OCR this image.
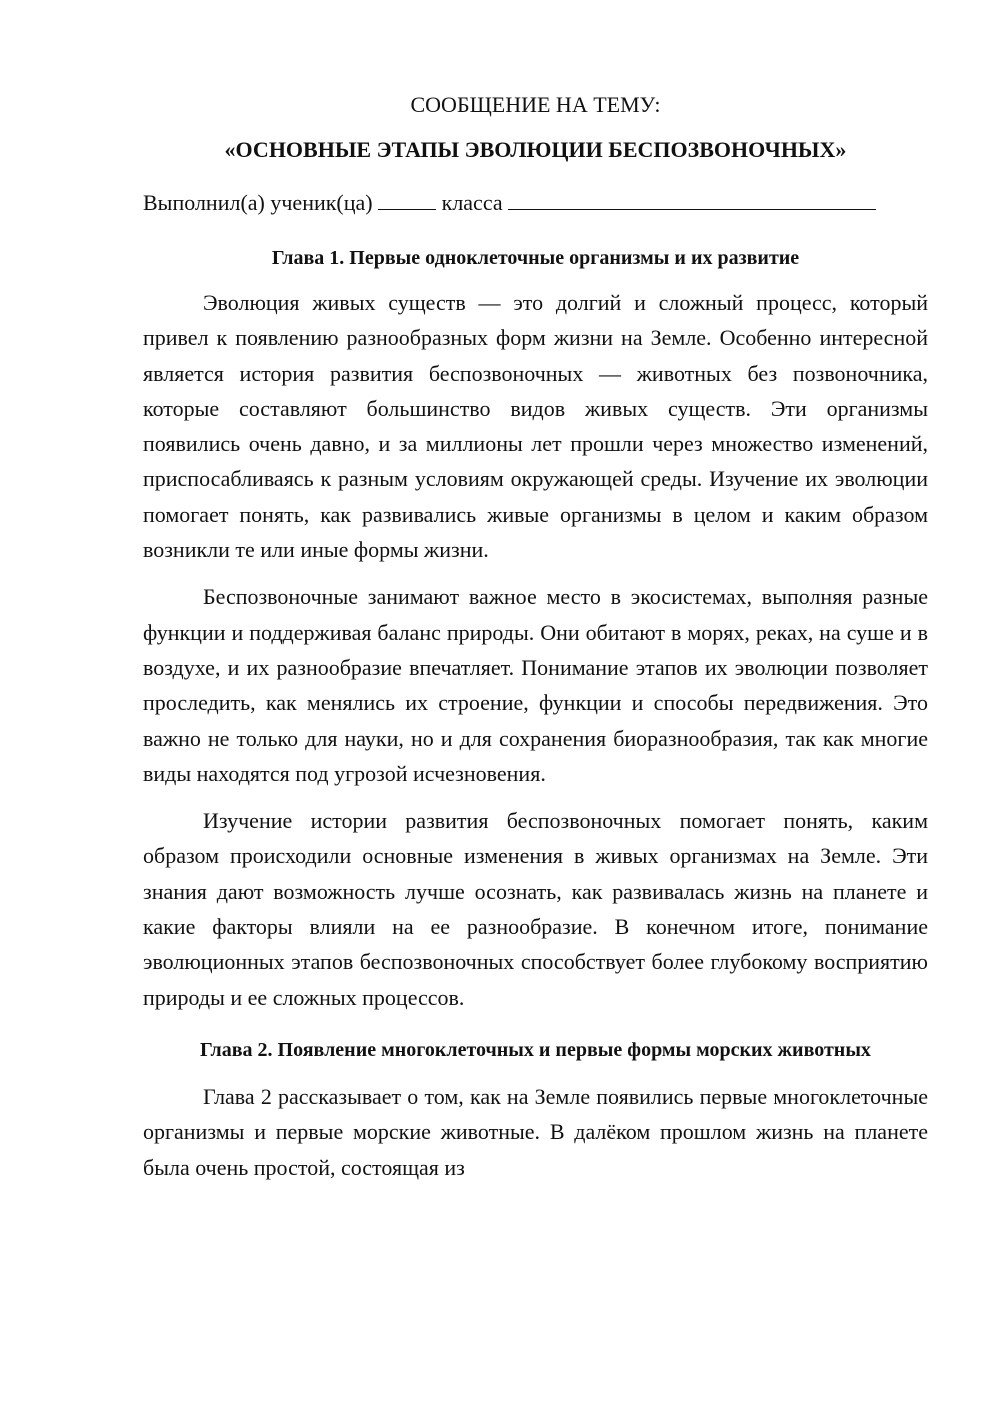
СООБЩЕНИЕ НА ТЕМУ:
«ОСНОВНЫЕ ЭТАПЫ ЭВОЛЮЦИИ БЕСПОЗВОНОЧНЫХ»

Выполнил(а) ученик(ца)	класса

Глава 1. Первые одноклеточные организмы и их развитие

Эволюция живых существ — это долгий и сложный процесс, который привел к появлению разнообразных форм жизни на Земле. Особенно интересной является история развития беспозвоночных — животных без позвоночника, которые составляют большинство видов живых существ. Эти организмы появились очень давно, и за миллионы лет прошли через множество изменений, приспосабливаясь к разным условиям окружающей среды. Изучение их эволюции помогает понять, как развивались живые организмы в целом и каким образом возникли те или иные формы жизни.

Беспозвоночные занимают важное место в экосистемах, выполняя разные функции и поддерживая баланс природы. Они обитают в морях, реках, на суше и в воздухе, и их разнообразие впечатляет. Понимание этапов их эволюции позволяет проследить, как менялись их строение, функции и способы передвижения. Это важно не только для науки, но и для сохранения биоразнообразия, так как многие виды находятся под угрозой исчезновения.

Изучение истории развития беспозвоночных помогает понять, каким образом происходили основные изменения в живых организмах на Земле. Эти знания дают возможность лучше осознать, как развивалась жизнь на планете и какие факторы влияли на ее разнообразие. В конечном итоге, понимание эволюционных этапов беспозвоночных способствует более глубокому восприятию природы и ее сложных процессов.

Глава 2. Появление многоклеточных и первые формы морских животных

Глава 2 рассказывает о том, как на Земле появились первые многоклеточные организмы и первые морские животные. В далёком прошлом жизнь на планете была очень простой, состоящая из
